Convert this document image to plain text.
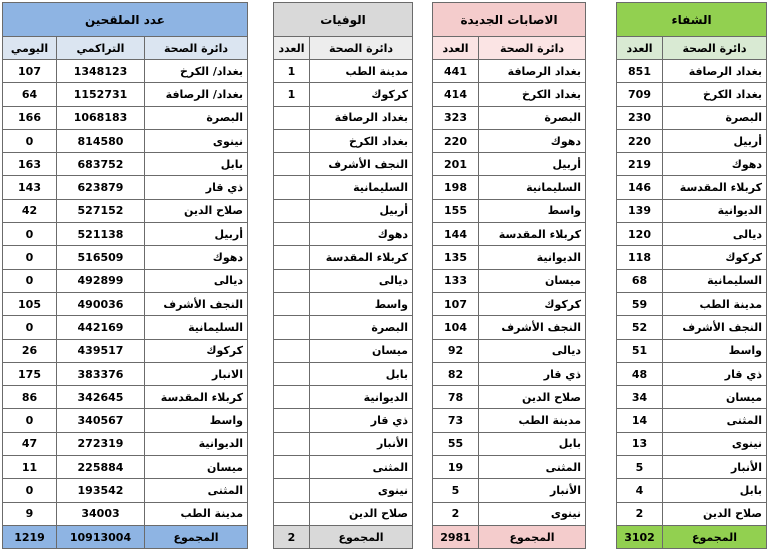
عدد الملقحين		
اليومي	التراكمي	دائرة الصحة
107	1348123	بغداد/ الكرخ
64	1152731	بغداد/ الرصافة
166	1068183	البصرة
0	814580	نينوى
163	683752	بابل
143	623879	ذي قار
42	527152	صلاح الدين
0	521138	أربيل
0	516509	دهوك
0	492899	ديالى
105	490036	النجف الأشرف
0	442169	السليمانية
26	439517	كركوك
175	383376	الانبار
86	342645	كربلاء المقدسة
0	340567	واسط
47	272319	الديوانية
11	225884	ميسان
0	193542	المثنى
9	34003	مدينة الطب
1219	10913004	المجموع
الوفيات	
العدد	دائرة الصحة
1	مدينة الطب
1	كركوك
	بغداد الرصافة
	بغداد الكرخ
	النجف الأشرف
	السليمانية
	أربيل
	دهوك
	كربلاء المقدسة
	ديالى
	واسط
	البصرة
	ميسان
	بابل
	الديوانية
	ذي قار
	الأنبار
	المثنى
	نينوى
	صلاح الدين
2	المجموع
الاصابات الجديدة	
العدد	دائرة الصحة
441	بغداد الرصافة
414	بغداد الكرخ
323	البصرة
220	دهوك
201	أربيل
198	السليمانية
155	واسط
144	كربلاء المقدسة
135	الديوانية
133	ميسان
107	كركوك
104	النجف الأشرف
92	ديالى
82	ذي قار
78	صلاح الدين
73	مدينة الطب
55	بابل
19	المثنى
5	الأنبار
2	نينوى
2981	المجموع
الشفاء	
العدد	دائرة الصحة
851	بغداد الرصافة
709	بغداد الكرخ
230	البصرة
220	أربيل
219	دهوك
146	كربلاء المقدسة
139	الديوانية
120	ديالى
118	كركوك
68	السليمانية
59	مدينة الطب
52	النجف الأشرف
51	واسط
48	ذي قار
34	ميسان
14	المثنى
13	نينوى
5	الأنبار
4	بابل
2	صلاح الدين
3102	المجموع
